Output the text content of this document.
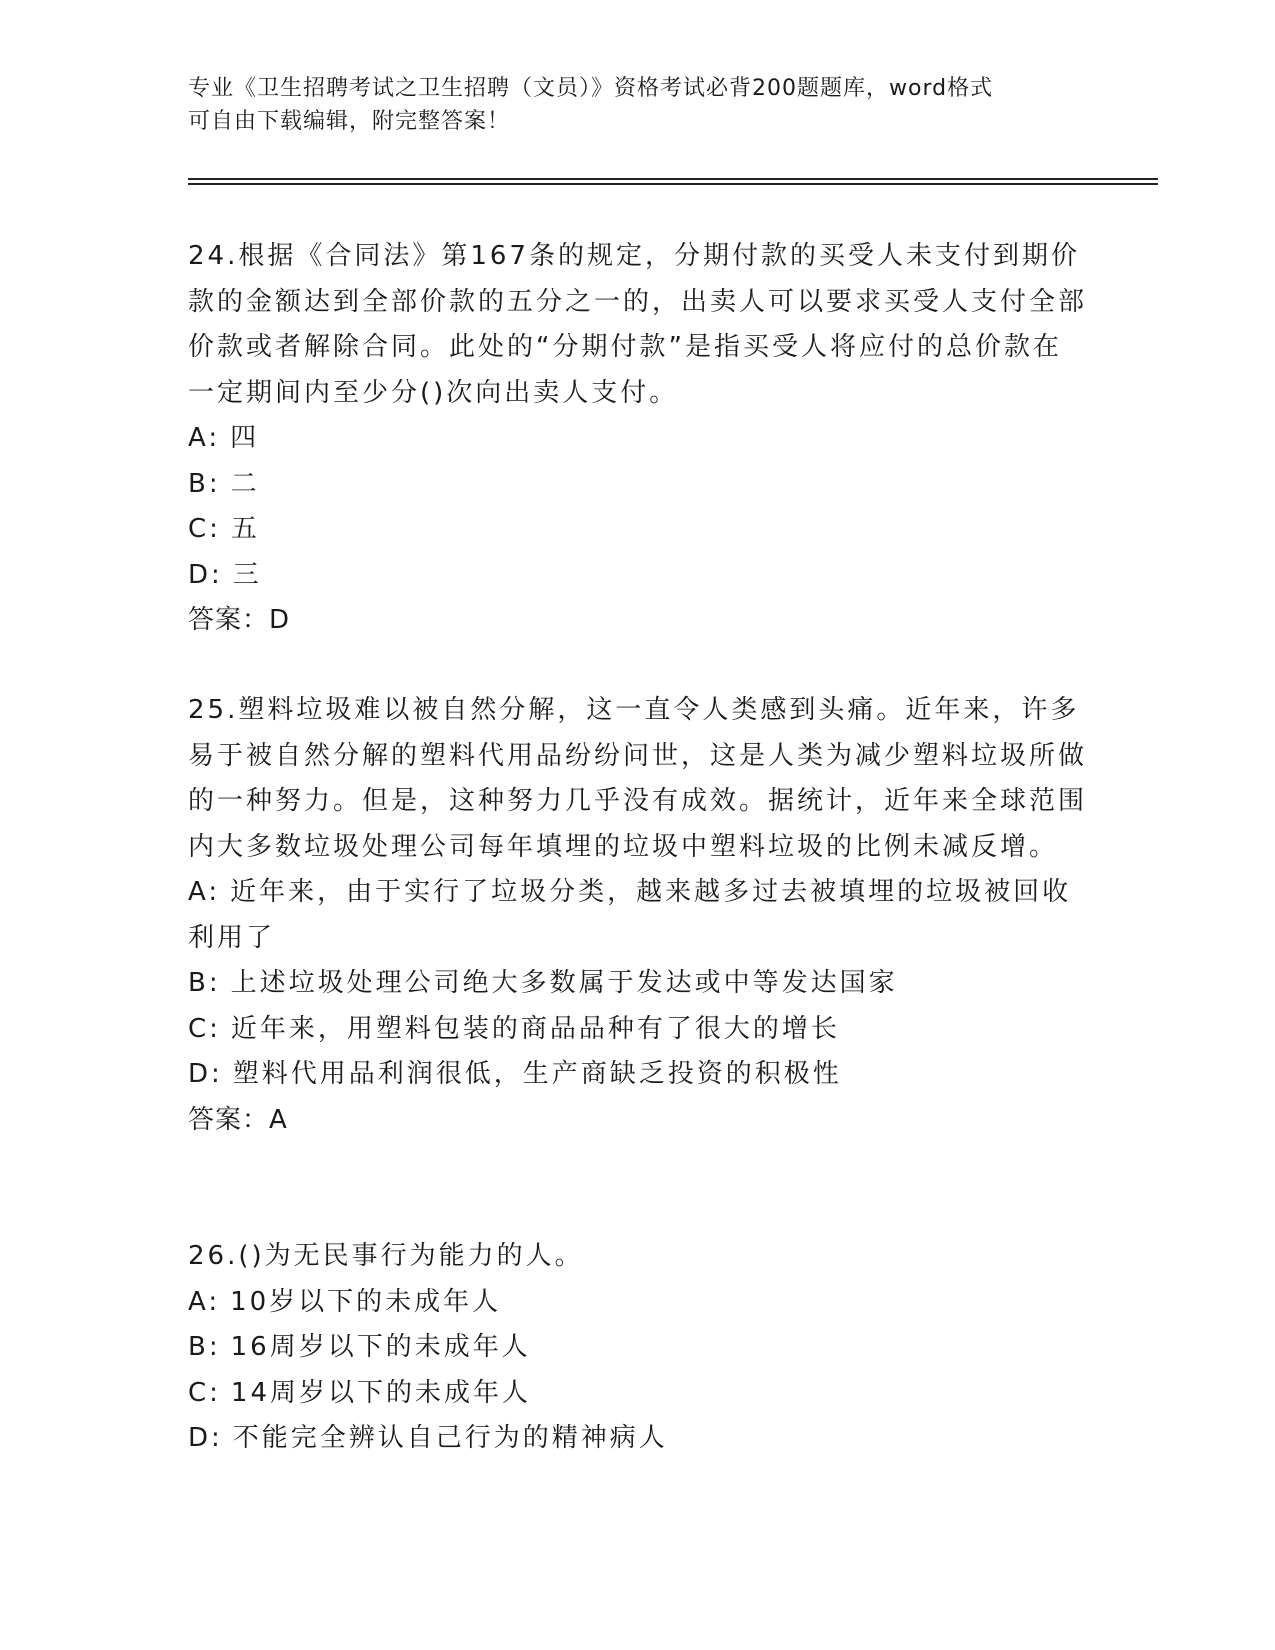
专业《卫生招聘考试之卫生招聘（文员）》资格考试必背200题题库，word格式
可自由下载编辑，附完整答案！
24.根据《合同法》第167条的规定，分期付款的买受人未支付到期价款的金额达到全部价款的五分之一的，出卖人可以要求买受人支付全部价款或者解除合同。此处的“分期付款”是指买受人将应付的总价款在一定期间内至少分()次向出卖人支付。
A: 四
B: 二
C: 五
D: 三
答案：D
25.塑料垃圾难以被自然分解，这一直令人类感到头痛。近年来，许多易于被自然分解的塑料代用品纷纷问世，这是人类为减少塑料垃圾所做的一种努力。但是，这种努力几乎没有成效。据统计，近年来全球范围内大多数垃圾处理公司每年填埋的垃圾中塑料垃圾的比例未减反增。
A: 近年来，由于实行了垃圾分类，越来越多过去被填埋的垃圾被回收利用了
B: 上述垃圾处理公司绝大多数属于发达或中等发达国家
C: 近年来，用塑料包装的商品品种有了很大的增长
D: 塑料代用品利润很低，生产商缺乏投资的积极性
答案：A
26.()为无民事行为能力的人。
A: 10岁以下的未成年人
B: 16周岁以下的未成年人
C: 14周岁以下的未成年人
D: 不能完全辨认自己行为的精神病人
